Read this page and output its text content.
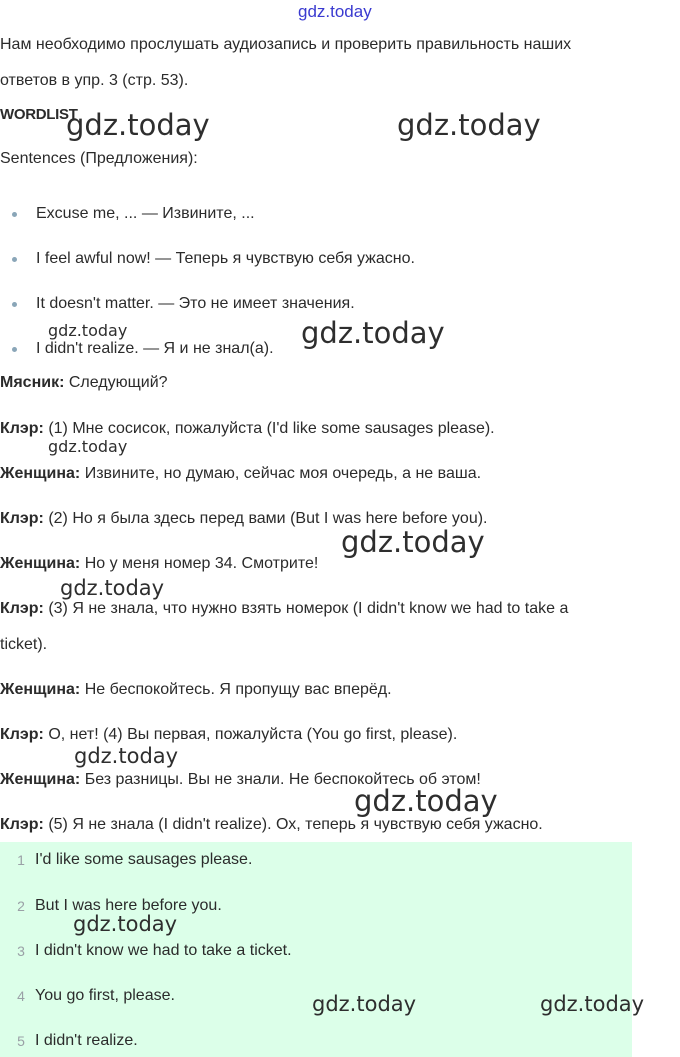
gdz.today
Нам необходимо прослушать аудиозапись и проверить правильность наших
ответов в упр. 3 (стр. 53).
WORDLIST
Sentences (Предложения):
Excuse me, ... — Извините, ...
I feel awful now! — Теперь я чувствую себя ужасно.
It doesn't matter. — Это не имеет значения.
I didn't realize. — Я и не знал(а).
Мясник: Следующий?
Клэр: (1) Мне сосисок, пожалуйста (I'd like some sausages please).
Женщина: Извините, но думаю, сейчас моя очередь, а не ваша.
Клэр: (2) Но я была здесь перед вами (But I was here before you).
Женщина: Но у меня номер 34. Смотрите!
Клэр: (3) Я не знала, что нужно взять номерок (I didn't know we had to take a
ticket).
Женщина: Не беспокойтесь. Я пропущу вас вперёд.
Клэр: О, нет! (4) Вы первая, пожалуйста (You go first, please).
Женщина: Без разницы. Вы не знали. Не беспокойтесь об этом!
Клэр: (5) Я не знала (I didn't realize). Ох, теперь я чувствую себя ужасно.
1 I'd like some sausages please.
2 But I was here before you.
3 I didn't know we had to take a ticket.
4 You go first, please.
5 I didn't realize.
gdz.today	gdz.today
gdz.today	gdz.today
gdz.today
gdz.today
gdz.today
gdz.today
gdz.today
gdz.today
gdz.today	gdz.today
